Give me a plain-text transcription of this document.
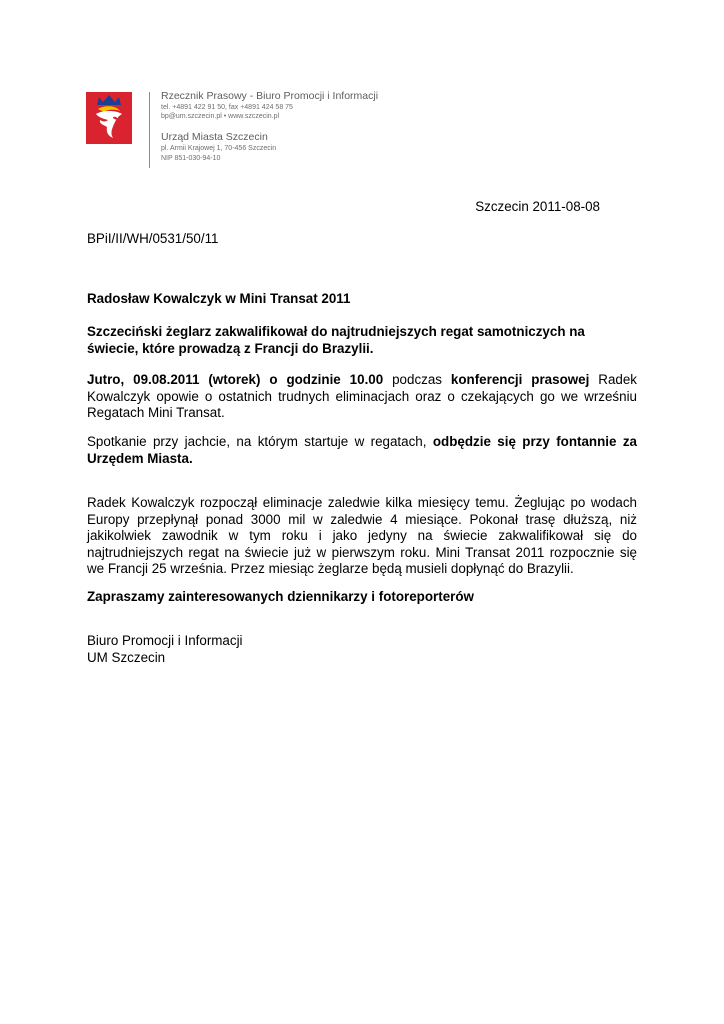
Rzecznik Prasowy - Biuro Promocji i Informacji
tel. +4891 422 91 50, fax +4891 424 58 75
bp@um.szczecin.pl • www.szczecin.pl
Urząd Miasta Szczecin
pl. Armii Krajowej 1, 70-456 Szczecin
NIP 851-030-94-10
Szczecin 2011-08-08
BPiI/II/WH/0531/50/11
Radosław Kowalczyk w Mini Transat 2011
Szczeciński żeglarz zakwalifikował do najtrudniejszych regat samotniczych na świecie, które prowadzą z Francji do Brazylii.
Jutro, 09.08.2011 (wtorek) o godzinie 10.00 podczas konferencji prasowej Radek Kowalczyk opowie o ostatnich trudnych eliminacjach oraz o czekających go we wrześniu Regatach Mini Transat.
Spotkanie przy jachcie, na którym startuje w regatach, odbędzie się przy fontannie za Urzędem Miasta.
Radek Kowalczyk rozpoczął eliminacje zaledwie kilka miesięcy temu. Żeglując po wodach Europy przepłynął ponad 3000 mil w zaledwie 4 miesiące. Pokonał trasę dłuższą, niż jakikolwiek zawodnik w tym roku i jako jedyny na świecie zakwalifikował się do najtrudniejszych regat na świecie już w pierwszym roku. Mini Transat 2011 rozpocznie się we Francji 25 września. Przez miesiąc żeglarze będą musieli dopłynąć do Brazylii.
Zapraszamy zainteresowanych dziennikarzy i fotoreporterów
Biuro Promocji i Informacji
UM Szczecin
